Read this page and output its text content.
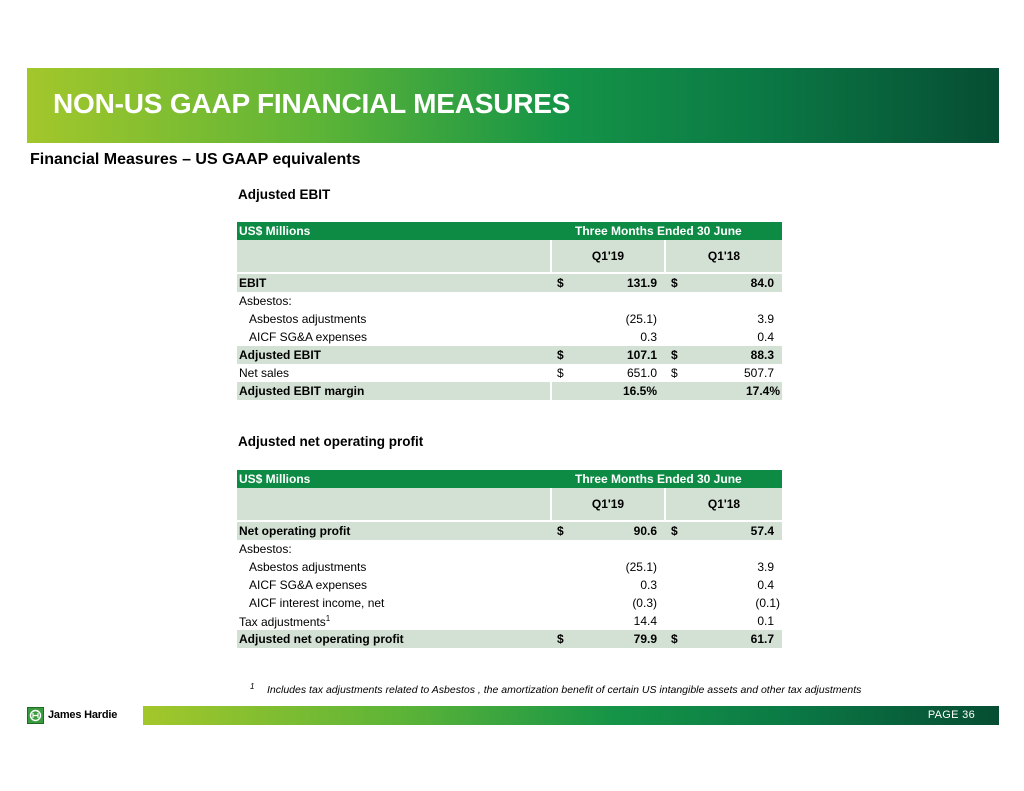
NON-US GAAP FINANCIAL MEASURES

Financial Measures – US GAAP equivalents

Adjusted EBIT

US$ Millions	Three Months Ended 30 June			
	Q1'19		Q1'18	
EBIT	$	131.9	$	84.0
Asbestos:				
Asbestos adjustments		(25.1)		3.9
AICF SG&A expenses		0.3		0.4
Adjusted EBIT	$	107.1	$	88.3
Net sales	$	651.0	$	507.7
Adjusted EBIT margin		16.5%		17.4%

Adjusted net operating profit

US$ Millions	Three Months Ended 30 June			
	Q1'19		Q1'18	
Net operating profit	$	90.6	$	57.4
Asbestos:				
Asbestos adjustments		(25.1)		3.9
AICF SG&A expenses		0.3		0.4
AICF interest income, net		(0.3)		(0.1)
Tax adjustments$^1$		14.4		0.1
Adjusted net operating profit	$	79.9	$	61.7
1 Includes tax adjustments related to Asbestos , the amortization benefit of certain US intangible assets and other tax adjustments
James Hardie	PAGE 36
